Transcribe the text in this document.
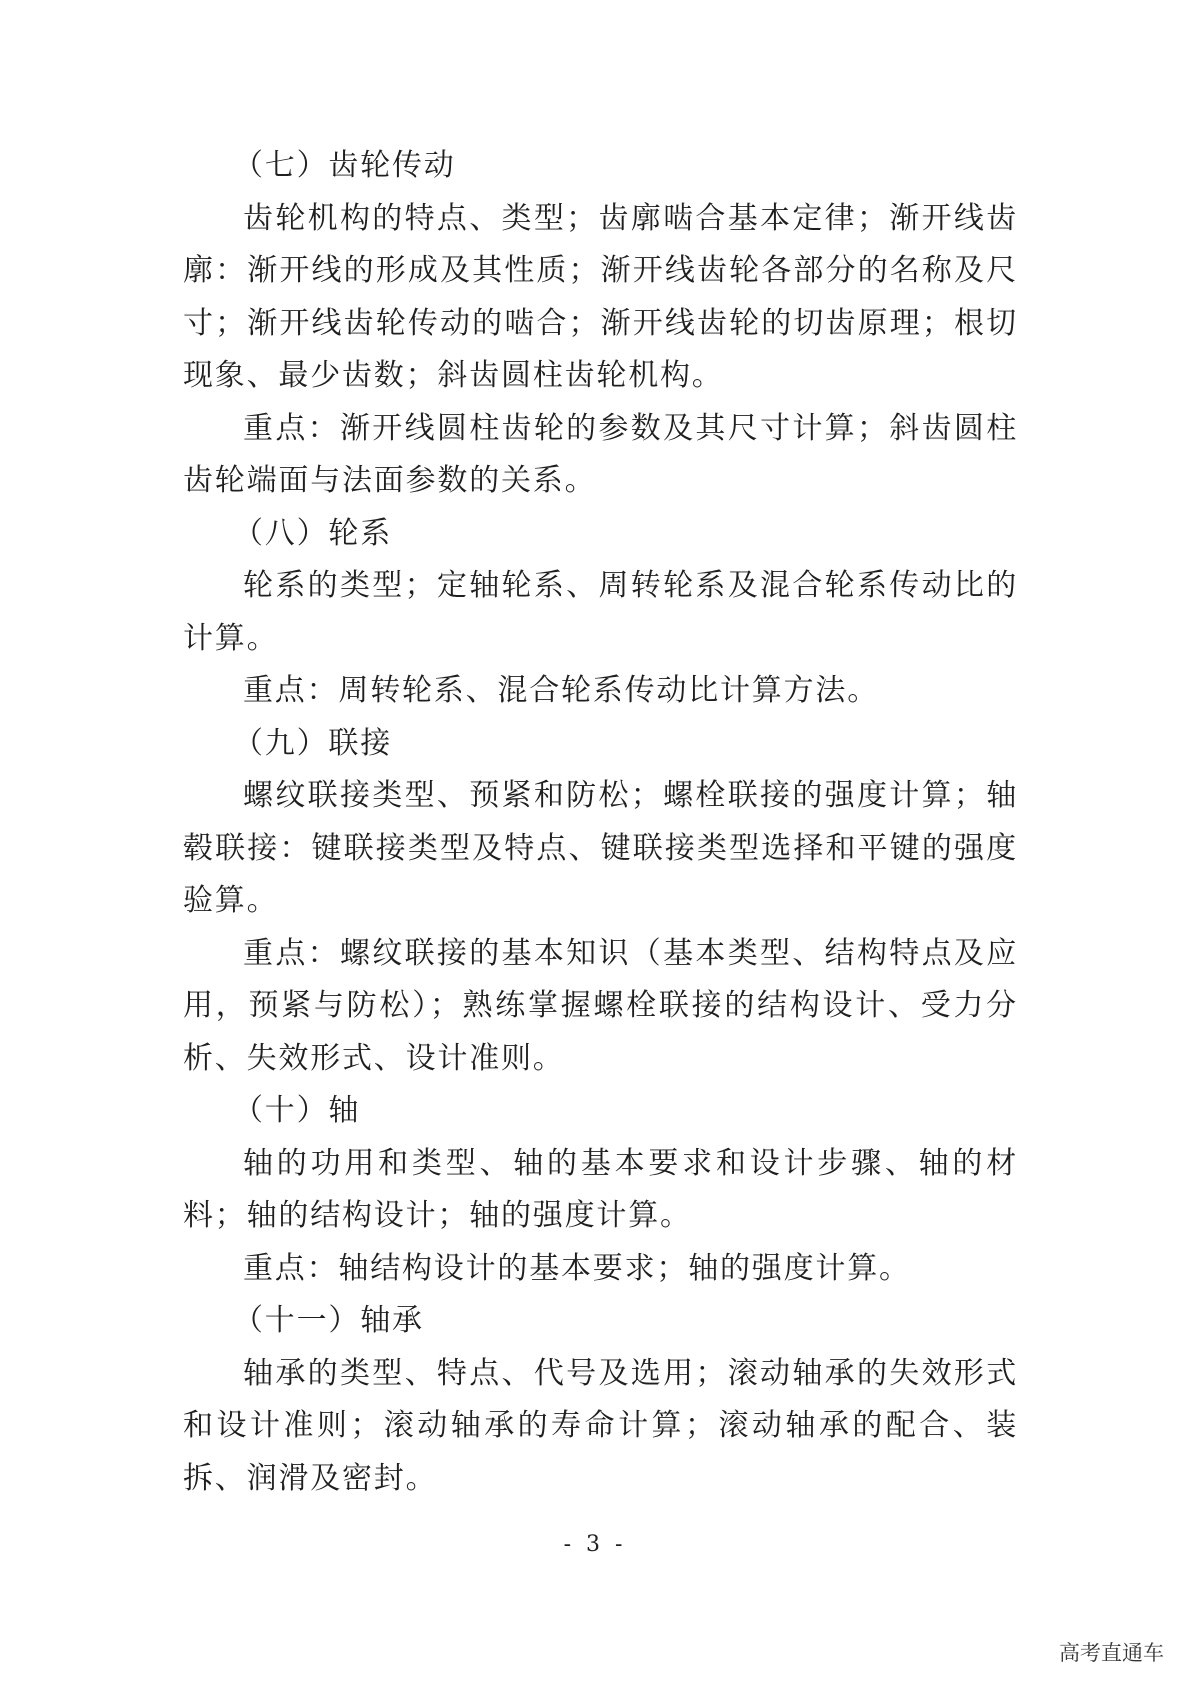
（七）齿轮传动

齿轮机构的特点、类型；齿廓啮合基本定律；渐开线齿廓：渐开线的形成及其性质；渐开线齿轮各部分的名称及尺寸；渐开线齿轮传动的啮合；渐开线齿轮的切齿原理；根切现象、最少齿数；斜齿圆柱齿轮机构。

重点：渐开线圆柱齿轮的参数及其尺寸计算；斜齿圆柱齿轮端面与法面参数的关系。

（八）轮系

轮系的类型；定轴轮系、周转轮系及混合轮系传动比的计算。

重点：周转轮系、混合轮系传动比计算方法。

（九）联接

螺纹联接类型、预紧和防松；螺栓联接的强度计算；轴毂联接：键联接类型及特点、键联接类型选择和平键的强度验算。

重点：螺纹联接的基本知识（基本类型、结构特点及应用，预紧与防松）；熟练掌握螺栓联接的结构设计、受力分析、失效形式、设计准则。

（十）轴

轴的功用和类型、轴的基本要求和设计步骤、轴的材料；轴的结构设计；轴的强度计算。

重点：轴结构设计的基本要求；轴的强度计算。

（十一）轴承

轴承的类型、特点、代号及选用；滚动轴承的失效形式和设计准则；滚动轴承的寿命计算；滚动轴承的配合、装拆、润滑及密封。

- 3 -
高考直通车
